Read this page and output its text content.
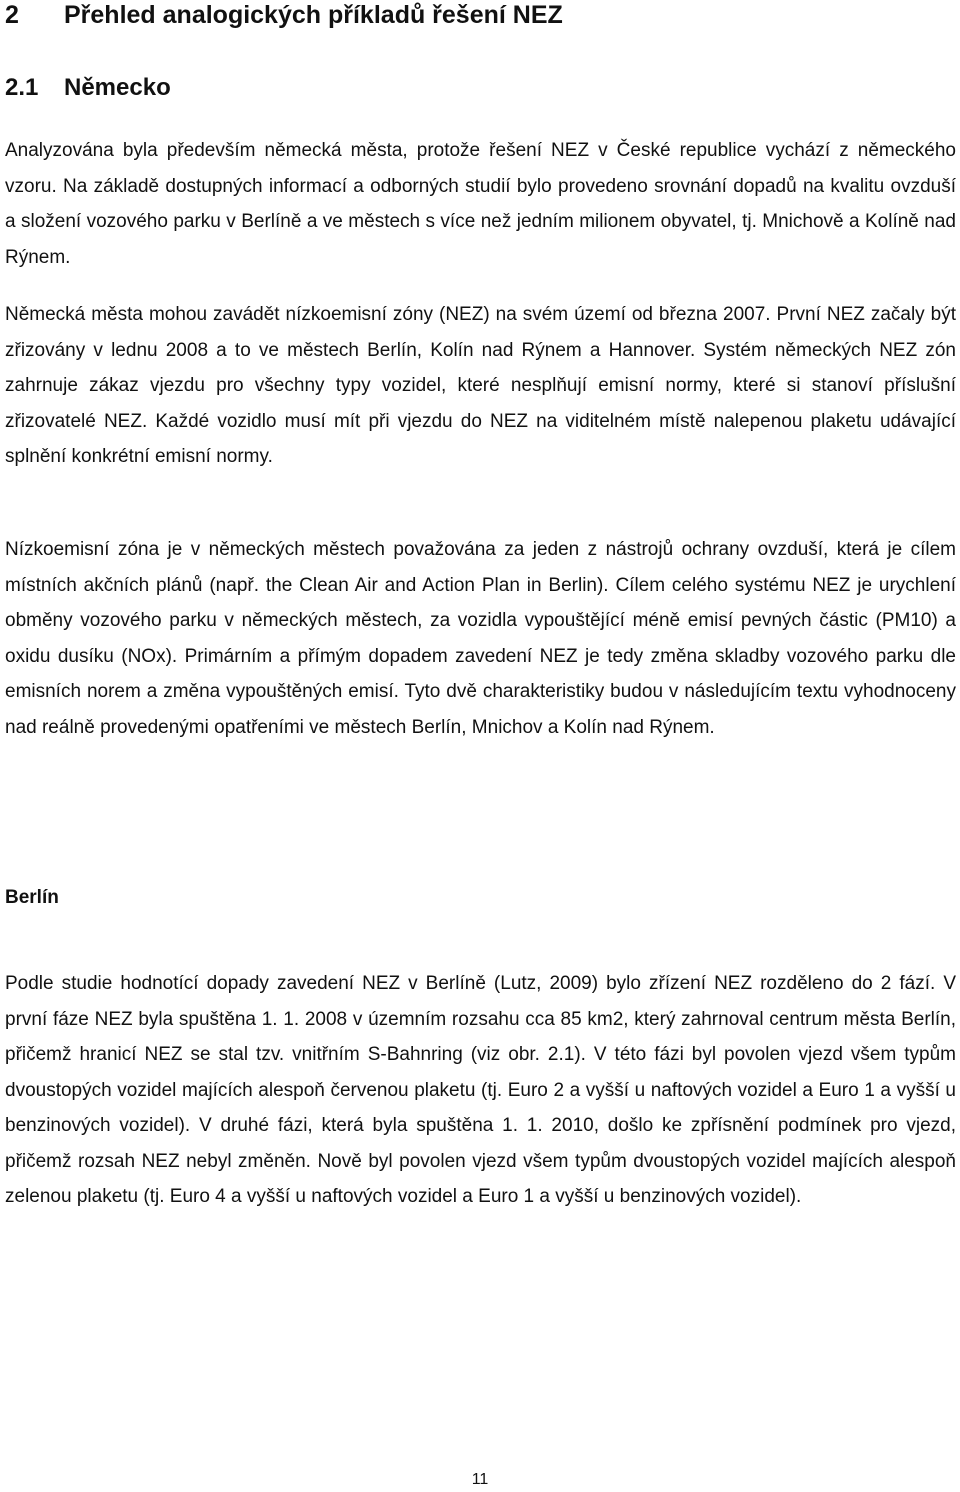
2 Přehled analogických příkladů řešení NEZ
2.1 Německo

Analyzována byla především německá města, protože řešení NEZ v České republice vychází z německého vzoru. Na základě dostupných informací a odborných studií bylo provedeno srovnání dopadů na kvalitu ovzduší a složení vozového parku v Berlíně a ve městech s více než jedním milionem obyvatel, tj. Mnichově a Kolíně nad Rýnem.

Německá města mohou zavádět nízkoemisní zóny (NEZ) na svém území od března 2007. První NEZ začaly být zřizovány v lednu 2008 a to ve městech Berlín, Kolín nad Rýnem a Hannover. Systém německých NEZ zón zahrnuje zákaz vjezdu pro všechny typy vozidel, které nesplňují emisní normy, které si stanoví příslušní zřizovatelé NEZ. Každé vozidlo musí mít při vjezdu do NEZ na viditelném místě nalepenou plaketu udávající splnění konkrétní emisní normy.

Nízkoemisní zóna je v německých městech považována za jeden z nástrojů ochrany ovzduší, která je cílem místních akčních plánů (např. the Clean Air and Action Plan in Berlin). Cílem celého systému NEZ je urychlení obměny vozového parku v německých městech, za vozidla vypouštějící méně emisí pevných částic (PM10) a oxidu dusíku (NOx). Primárním a přímým dopadem zavedení NEZ je tedy změna skladby vozového parku dle emisních norem a změna vypouštěných emisí. Tyto dvě charakteristiky budou v následujícím textu vyhodnoceny nad reálně provedenými opatřeními ve městech Berlín, Mnichov a Kolín nad Rýnem.

Berlín

Podle studie hodnotící dopady zavedení NEZ v Berlíně (Lutz, 2009) bylo zřízení NEZ rozděleno do 2 fází. V první fáze NEZ byla spuštěna 1. 1. 2008 v územním rozsahu cca 85 km2, který zahrnoval centrum města Berlín, přičemž hranicí NEZ se stal tzv. vnitřním S-Bahnring (viz obr. 2.1). V této fázi byl povolen vjezd všem typům dvoustopých vozidel majících alespoň červenou plaketu (tj. Euro 2 a vyšší u naftových vozidel a Euro 1 a vyšší u benzinových vozidel). V druhé fázi, která byla spuštěna 1. 1. 2010, došlo ke zpřísnění podmínek pro vjezd, přičemž rozsah NEZ nebyl změněn. Nově byl povolen vjezd všem typům dvoustopých vozidel majících alespoň zelenou plaketu (tj. Euro 4 a vyšší u naftových vozidel a Euro 1 a vyšší u benzinových vozidel).

11
